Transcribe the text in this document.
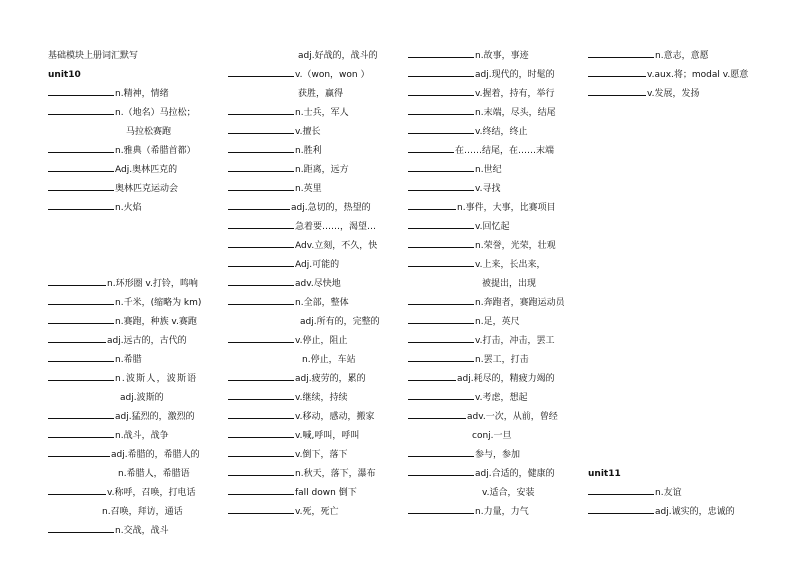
基础模块上册词汇默写
unit10
n.精神，情绪
n.（地名）马拉松；
马拉松赛跑
n.雅典（希腊首都）
Adj.奥林匹克的
奥林匹克运动会
n.火焰
n.环形圈 v.打铃，鸣响
n.千米，(缩略为 km)
n.赛跑，种族 v.赛跑
adj.远古的，古代的
n.希腊
n.波斯人，波斯语
adj.波斯的
adj.猛烈的，激烈的
n.战斗，战争
adj.希腊的，希腊人的
n.希腊人，希腊语
v.称呼，召唤，打电话
n.召唤，拜访，通话
n.交战，战斗
adj.好战的，战斗的
v.（won，won ）
获胜，赢得
n.士兵，军人
v.擅长
n.胜利
n.距离，远方
n.英里
adj.急切的，热望的
急着要……，渴望…
Adv.立刻，不久，快
Adj.可能的
adv.尽快地
n.全部，整体
adj.所有的，完整的
v.停止，阻止
n.停止，车站
adj.疲劳的，累的
v.继续，持续
v.移动，感动，搬家
v.喊,呼叫，呼叫
v.倒下，落下
n.秋天，落下，瀑布
fall down 倒下
v.死，死亡
n.故事，事迹
adj.现代的，时髦的
v.握着，持有，举行
n.末端，尽头，结尾
v.终结，终止
在……结尾，在……末端
n.世纪
v.寻找
n.事件，大事，比赛项目
v.回忆起
n.荣誉，光荣，壮观
v.上来，长出来，
被提出，出现
n.奔跑者，赛跑运动员
n.足，英尺
v.打击，冲击，罢工
n.罢工，打击
adj.耗尽的，精疲力竭的
v.考虑，想起
adv.一次，从前，曾经
conj.一旦
参与，参加
adj.合适的，健康的
v.适合，安装
n.力量，力气
n.意志，意愿
v.aux.将；modal v.愿意
v.发展，发扬
unit11
n.友谊
adj.诚实的，忠诚的
